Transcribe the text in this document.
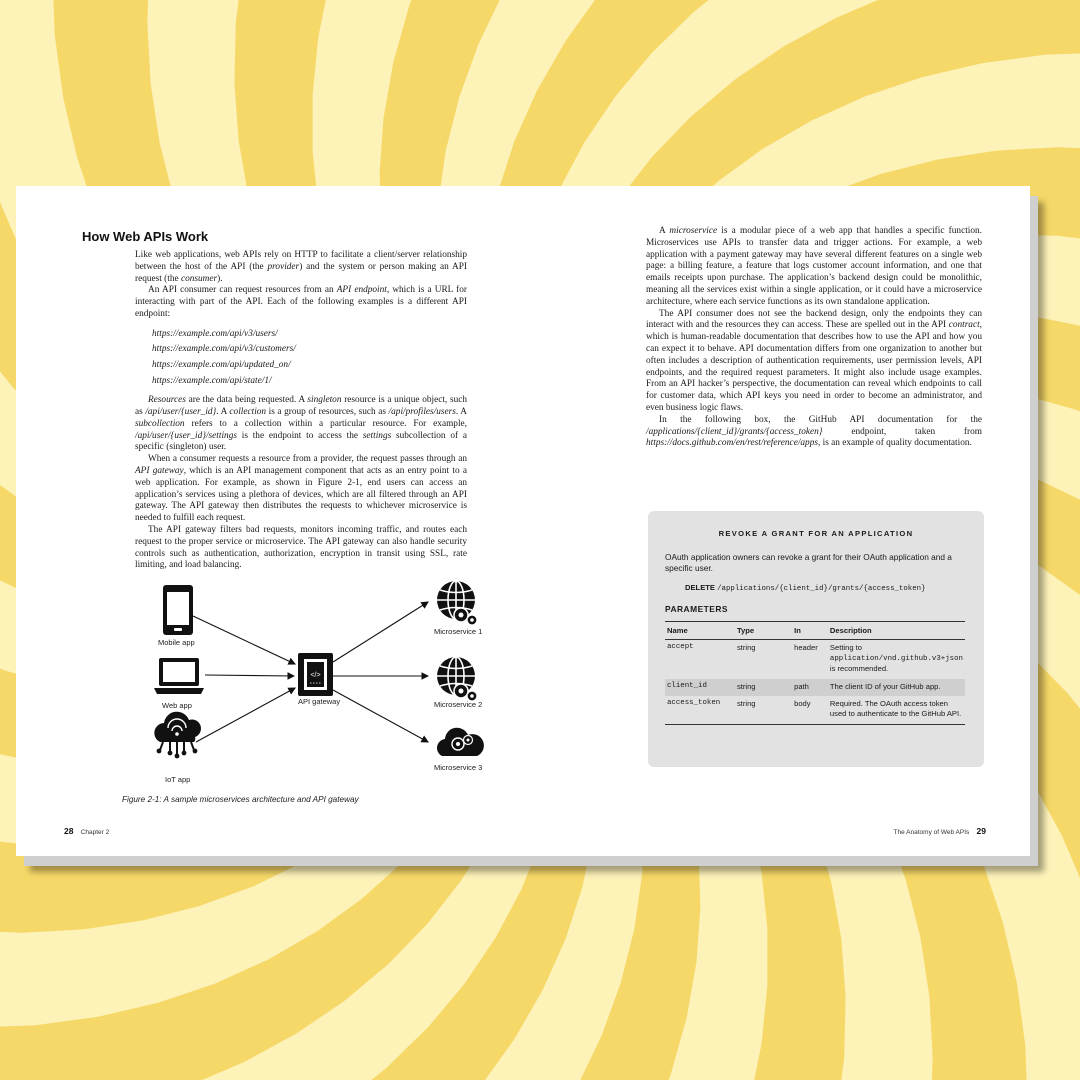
How Web APIs Work

Like web applications, web APIs rely on HTTP to facilitate a client/server relationship between the host of the API (the provider) and the system or person making an API request (the consumer).

An API consumer can request resources from an API endpoint, which is a URL for interacting with part of the API. Each of the following examples is a different API endpoint:

https://example.com/api/v3/users/
https://example.com/api/v3/customers/
https://example.com/api/updated_on/
https://example.com/api/state/1/

Resources are the data being requested. A singleton resource is a unique object, such as /api/user/{user_id}. A collection is a group of resources, such as /api/profiles/users. A subcollection refers to a collection within a particular resource. For example, /api/user/{user_id}/settings is the endpoint to access the settings subcollection of a specific (singleton) user.

When a consumer requests a resource from a provider, the request passes through an API gateway, which is an API management component that acts as an entry point to a web application. For example, as shown in Figure 2-1, end users can access an application’s services using a plethora of devices, which are all filtered through an API gateway. The API gateway then distributes the requests to whichever microservice is needed to fulfill each request.

The API gateway filters bad requests, monitors incoming traffic, and routes each request to the proper service or microservice. The API gateway can also handle security controls such as authentication, authorization, encryption in transit using SSL, rate limiting, and load balancing.

Mobile app
Web app
IoT app
</>
API gateway
Microservice 1
Microservice 2
Microservice 3
Figure 2-1: A sample microservices architecture and API gateway
28 Chapter 2

A microservice is a modular piece of a web app that handles a specific function. Microservices use APIs to transfer data and trigger actions. For example, a web application with a payment gateway may have several different features on a single web page: a billing feature, a feature that logs customer account information, and one that emails receipts upon purchase. The application’s backend design could be monolithic, meaning all the services exist within a single application, or it could have a microservice architecture, where each service functions as its own standalone application.

The API consumer does not see the backend design, only the endpoints they can interact with and the resources they can access. These are spelled out in the API contract, which is human-readable documentation that describes how to use the API and how you can expect it to behave. API documentation differs from one organization to another but often includes a description of authentication requirements, user permission levels, API endpoints, and the required request parameters. It might also include usage examples. From an API hacker’s perspective, the documentation can reveal which endpoints to call for customer data, which API keys you need in order to become an administrator, and even business logic flaws.

In the following box, the GitHub API documentation for the /applications/{client_id}/grants/{access_token} endpoint, taken from https://docs.github.com/en/rest/reference/apps, is an example of quality documentation.

REVOKE A GRANT FOR AN APPLICATION
OAuth application owners can revoke a grant for their OAuth application and a specific user.
DELETE /applications/{client_id}/grants/{access_token}
PARAMETERS
Name	Type	In	Description
accept	string	header	Setting to application/vnd.github.v3+json is recommended.
client_id	string	path	The client ID of your GitHub app.
access_token	string	body	Required. The OAuth access token used to authenticate to the GitHub API.
The Anatomy of Web APIs 29
